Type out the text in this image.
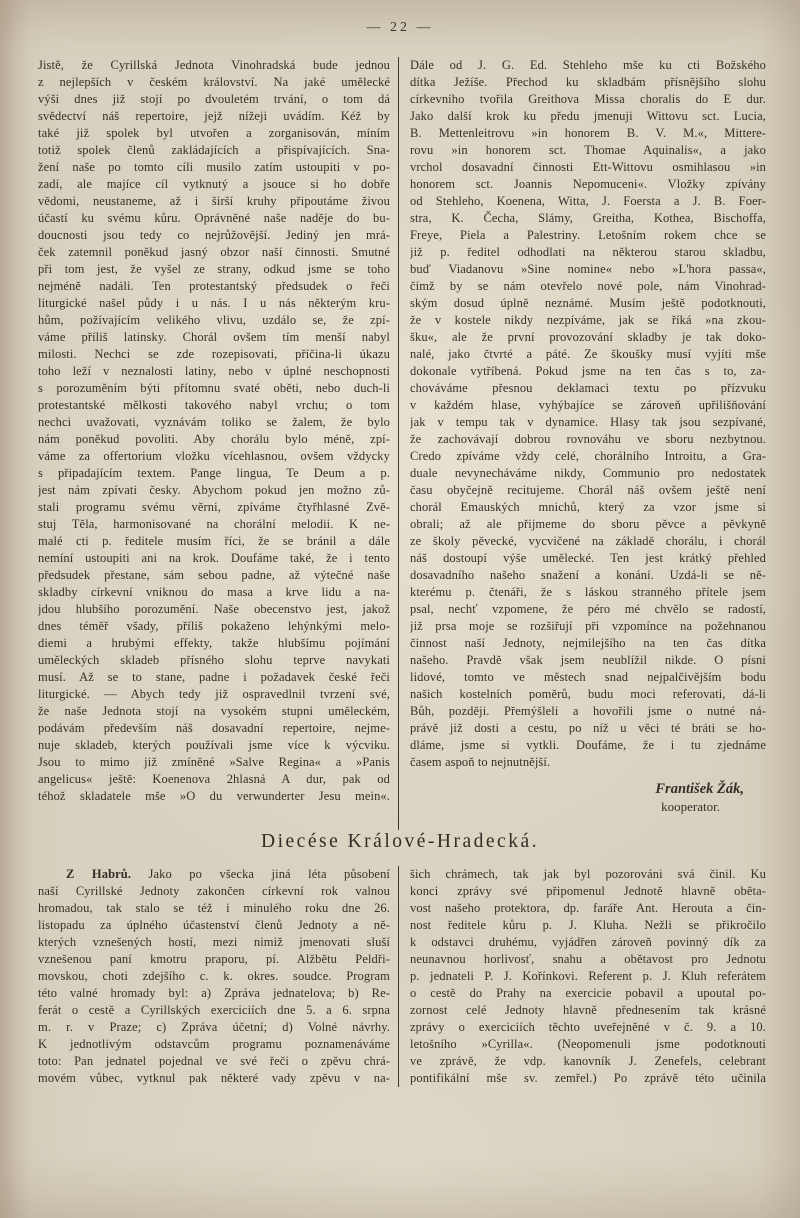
— 22 —
Jistě, že Cyrillská Jednota Vinohradská bude jednou
z nejlepších v českém království. Na jaké umělecké
výši dnes již stojí po dvouletém trvání, o tom dá
svědectví náš repertoire, jejž nížeji uvádím. Kéž by
také již spolek byl utvořen a zorganisován, míním
totiž spolek členů zakládajících a přispívajících. Sna-
žení naše po tomto cíli musilo zatím ustoupiti v po-
zadí, ale majíce cíl vytknutý a jsouce si ho dobře
vědomi, neustaneme, až i širší kruhy připoutáme živou
účastí ku svému kůru. Oprávněné naše naděje do bu-
doucnosti jsou tedy co nejrůžovější. Jediný jen mrá-
ček zatemnil poněkud jasný obzor naší činnosti. Smutné
při tom jest, že vyšel ze strany, odkud jsme se toho
nejméně nadáli. Ten protestantský předsudek o řeči
liturgické našel půdy i u nás. I u nás některým kru-
hům, požívajícím velikého vlivu, uzdálo se, že zpí-
váme příliš latinsky. Chorál ovšem tím menší nabyl
milosti. Nechci se zde rozepisovati, příčina-li úkazu
toho leží v neznalosti latiny, nebo v úplné neschopnosti
s porozuměním býti přítomnu svaté oběti, nebo duch-li
protestantské mělkosti takového nabyl vrchu; o tom
nechci uvažovati, vyznávám toliko se žalem, že bylo
nám poněkud povoliti. Aby chorálu bylo méně, zpí-
váme za offertorium vložku vícehlasnou, ovšem vždycky
s připadajícím textem. Pange lingua, Te Deum a p.
jest nám zpívati česky. Abychom pokud jen možno zů-
stali programu svému věrni, zpíváme čtyřhlasné Zvě-
stuj Těla, harmonisované na chorální melodii. K ne-
malé cti p. ředitele musím říci, že se bránil a dále
nemíní ustoupiti ani na krok. Doufáme také, že i tento
předsudek přestane, sám sebou padne, až výtečné naše
skladby církevní vniknou do masa a krve lidu a na-
jdou hlubšího porozumění. Naše obecenstvo jest, jakož
dnes téměř všady, příliš pokaženo lehýnkými melo-
diemi a hrubými effekty, takže hlubšímu pojímání
uměleckých skladeb přísného slohu teprve navykati
musí. Až se to stane, padne i požadavek české řeči
liturgické. — Abych tedy již ospravedlnil tvrzení své,
že naše Jednota stojí na vysokém stupni uměleckém,
podávám především náš dosavadní repertoire, nejme-
nuje skladeb, kterých používali jsme více k výcviku.
Jsou to mimo již zmíněné »Salve Regina« a »Panis
angelicus« ještě: Koenenova 2hlasná A dur, pak od
téhož skladatele mše »O du verwunderter Jesu mein«.
Dále od J. G. Ed. Stehleho mše ku cti Božského
dítka Ježíše. Přechod ku skladbám přísnějšího slohu
církevního tvořila Greithova Missa choralis do E dur.
Jako další krok ku předu jmenuji Wittovu sct. Lucia,
B. Mettenleitrovu »in honorem B. V. M.«, Mittere-
rovu »in honorem sct. Thomae Aquinalis«, a jako
vrchol dosavadní činnosti Ett-Wittovu osmihlasou »in
honorem sct. Joannis Nepomuceni«. Vložky zpívány
od Stehleho, Koenena, Witta, J. Foersta a J. B. Foer-
stra, K. Čecha, Slámy, Greitha, Kothea, Bischoffa,
Freye, Piela a Palestriny. Letošním rokem chce se
již p. ředitel odhodlati na některou starou skladbu,
buď Viadanovu »Sine nomine« nebo »L'hora passa«,
čímž by se nám otevřelo nové pole, nám Vinohrad-
ským dosud úplně neznámé. Musím ještě podotknouti,
že v kostele nikdy nezpíváme, jak se říká »na zkou-
šku«, ale že první provozování skladby je tak doko-
nalé, jako čtvrté a páté. Ze škoušky musí vyjíti mše
dokonale vytříbená. Pokud jsme na ten čas s to, za-
chováváme přesnou deklamaci textu po přízvuku
v každém hlase, vyhýbajíce se zároveň upřilišňování
jak v tempu tak v dynamice. Hlasy tak jsou sezpívané,
že zachovávají dobrou rovnováhu ve sboru nezbytnou.
Credo zpíváme vždy celé, chorálního Introitu, a Gra-
duale nevynecháváme nikdy, Communio pro nedostatek
času obyčejně recitujeme. Chorál náš ovšem ještě není
chorál Emauských mnichů, který za vzor jsme si
obrali; až ale přijmeme do sboru pěvce a pěvkyně
ze školy pěvecké, vycvičené na základě chorálu, i chorál
náš dostoupí výše umělecké. Ten jest krátký přehled
dosavadního našeho snažení a konání. Uzdá-li se ně-
kterému p. čtenáři, že s láskou stranného přítele jsem
psal, nechť vzpomene, že péro mé chvělo se radostí,
již prsa moje se rozšiřují při vzpomínce na požehnanou
činnost naší Jednoty, nejmilejšího na ten čas dítka
našeho. Pravdě však jsem neublížil nikde. O písni
lidové, tomto ve městech snad nejpalčivějším bodu
našich kostelních poměrů, budu moci referovati, dá-li
Bůh, později. Přemýšleli a hovořili jsme o nutné ná-
právě již dosti a cestu, po níž u věci té bráti se ho-
dláme, jsme si vytkli. Doufáme, že i tu zjednáme
časem aspoň to nejnutnější.
František Žák,
kooperator.
Diecése Králové-Hradecká.
Z Habrů. Jako po všecka jiná léta působení
naší Cyrillské Jednoty zakončen církevní rok valnou
hromadou, tak stalo se též i minulého roku dne 26.
listopadu za úplného účastenství členů Jednoty a ně-
kterých vznešených hostí, mezi nimiž jmenovati sluší
vznešenou paní kmotru praporu, pí. Alžbětu Peldři-
movskou, choti zdejšího c. k. okres. soudce. Program
této valné hromady byl: a) Zpráva jednatelova; b) Re-
ferát o cestě a Cyrillských exerciciích dne 5. a 6. srpna
m. r. v Praze; c) Zpráva účetní; d) Volné návrhy.
K jednotlivým odstavcům programu poznamenáváme
toto: Pan jednatel pojednal ve své řeči o zpěvu chrá-
movém vůbec, vytknul pak některé vady zpěvu v na-
šich chrámech, tak jak byl pozorováni svá činil. Ku
konci zprávy své připomenul Jednotě hlavně oběta-
vost našeho protektora, dp. faráře Ant. Herouta a čin-
nost ředitele kůru p. J. Kluha. Nežli se přikročilo
k odstavci druhému, vyjádřen zároveň povinný dík za
neunavnou horlivosť, snahu a obětavost pro Jednotu
p. jednateli P. J. Kořínkovi. Referent p. J. Kluh referátem
o cestě do Prahy na exercicie pobavil a upoutal po-
zornost celé Jednoty hlavně přednesením tak krásné
zprávy o exerciciích těchto uveřejněné v č. 9. a 10.
letošního »Cyrilla«. (Neopomenuli jsme podotknouti
ve zprávě, že vdp. kanovník J. Zenefels, celebrant
pontifikální mše sv. zemřel.) Po zprávě této učinila
